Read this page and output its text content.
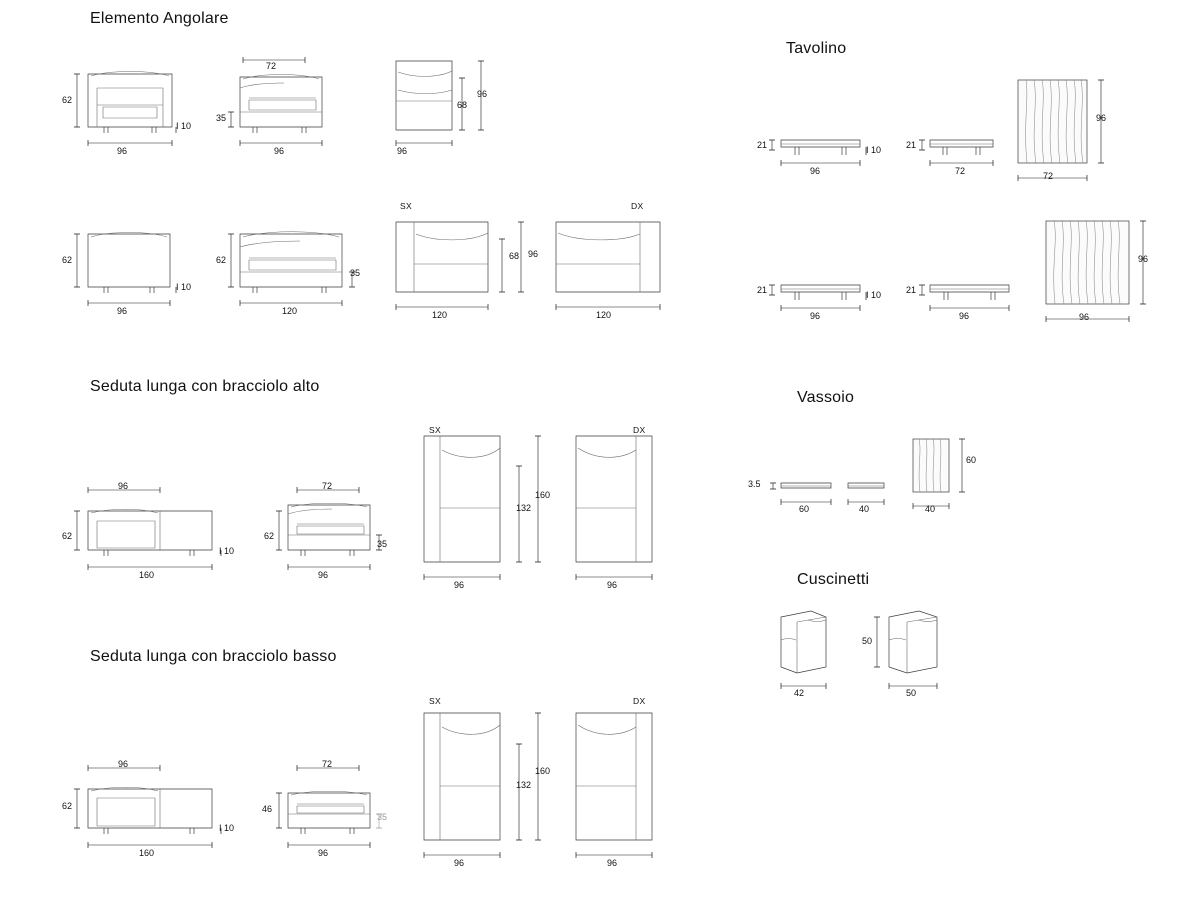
Elemento Angolare
Seduta lunga con bracciolo alto
Seduta lunga con bracciolo basso
Tavolino
Vassoio
Cuscinetti
62
96
I 10
72
35
96	96
68
96
62
96
I 10
62
35
120
SX
120
68 96
DX
120
96
62
160
I 10
72
62
35
96
SX
96
132
160
DX
96
96
62
160
I 10
72
46
35
96
SX
96
132
160
DX
96
21
96
I 10	21
72	72
96
21
96
I 10	21
96	96
96
3.5
60	40	40
60
42	50
50
